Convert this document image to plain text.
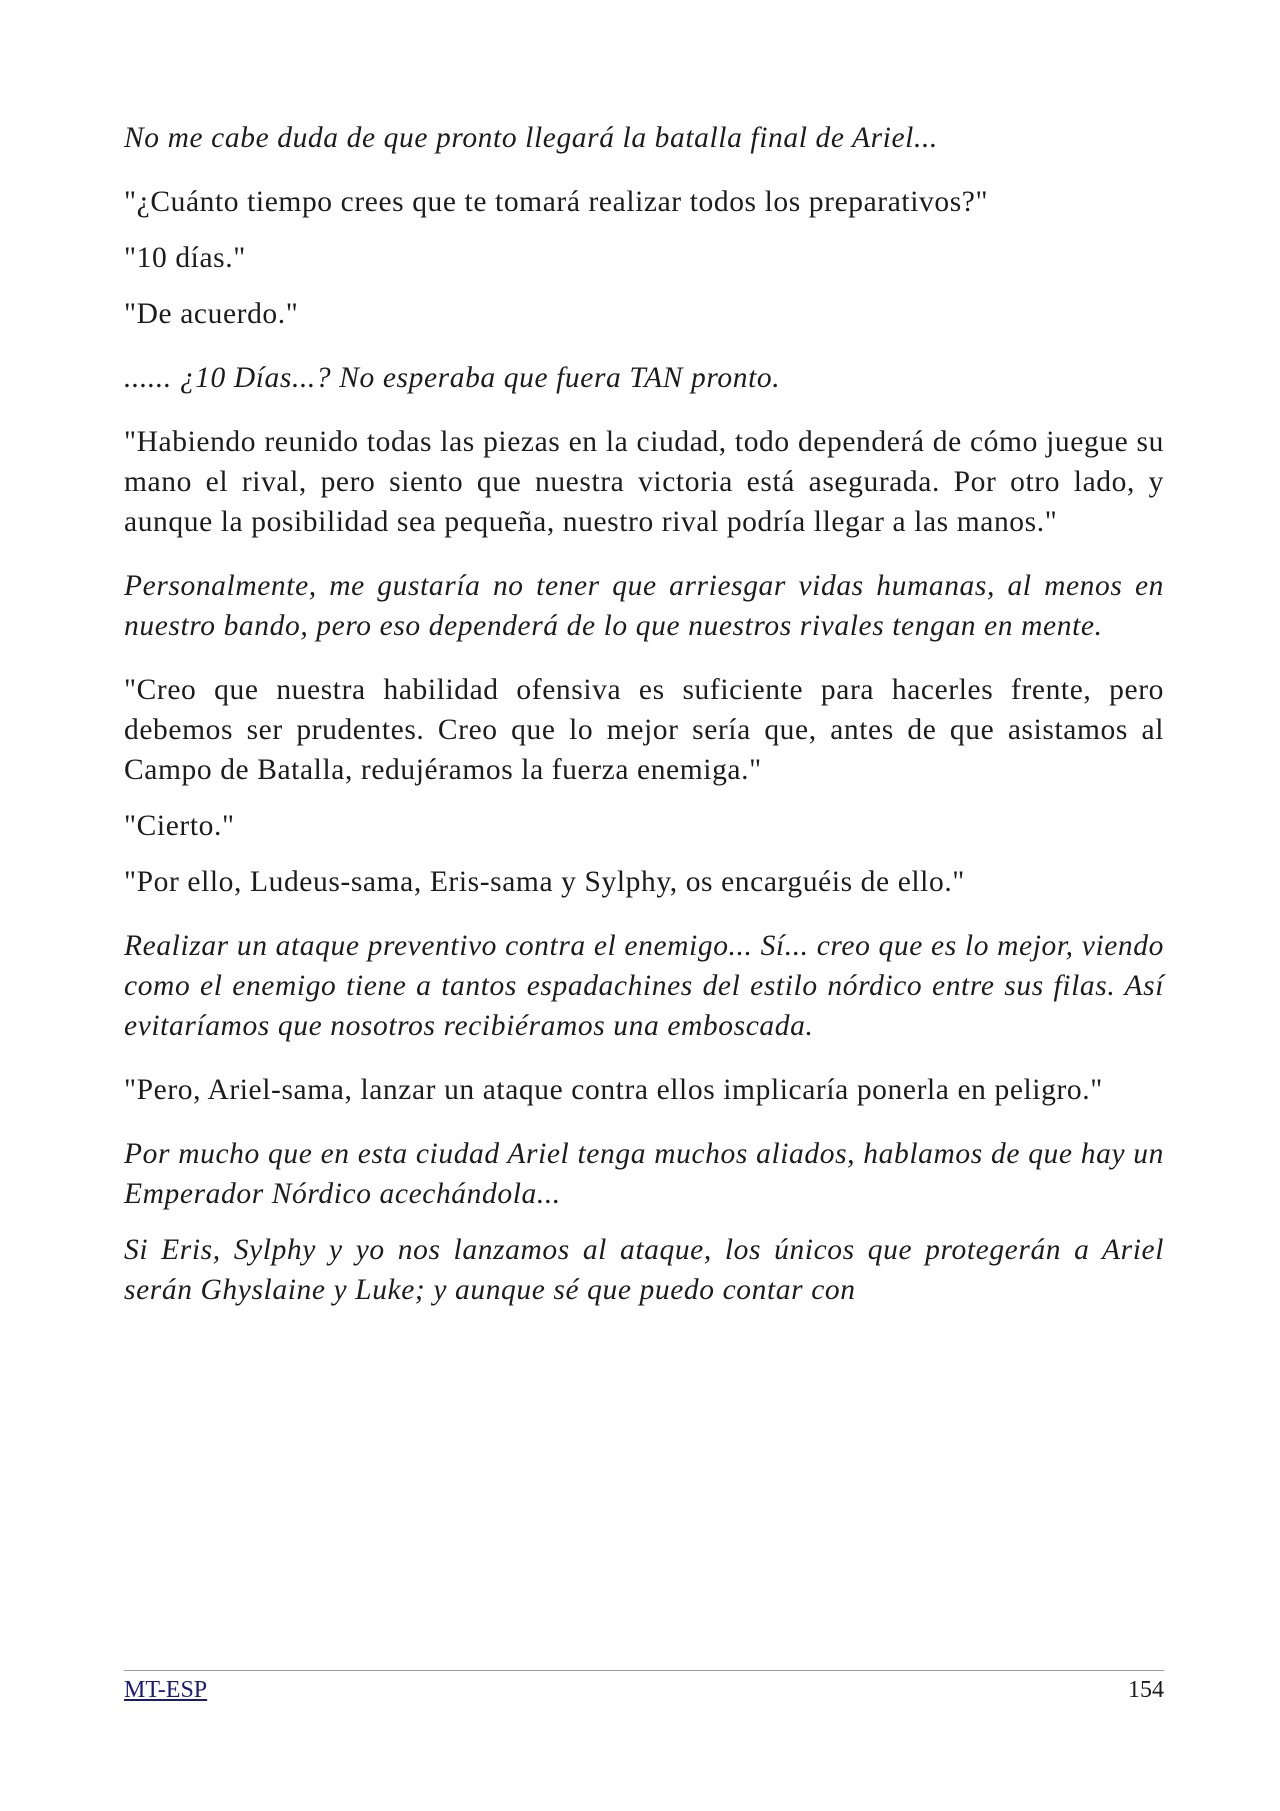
No me cabe duda de que pronto llegará la batalla final de Ariel...

"¿Cuánto tiempo crees que te tomará realizar todos los preparativos?"

"10 días."

"De acuerdo."

...... ¿10 Días...? No esperaba que fuera TAN pronto.

"Habiendo reunido todas las piezas en la ciudad, todo dependerá de cómo juegue su mano el rival, pero siento que nuestra victoria está asegurada. Por otro lado, y aunque la posibilidad sea pequeña, nuestro rival podría llegar a las manos."

Personalmente, me gustaría no tener que arriesgar vidas humanas, al menos en nuestro bando, pero eso dependerá de lo que nuestros rivales tengan en mente.

"Creo que nuestra habilidad ofensiva es suficiente para hacerles frente, pero debemos ser prudentes. Creo que lo mejor sería que, antes de que asistamos al Campo de Batalla, redujéramos la fuerza enemiga."

"Cierto."

"Por ello, Ludeus-sama, Eris-sama y Sylphy, os encarguéis de ello."

Realizar un ataque preventivo contra el enemigo... Sí... creo que es lo mejor, viendo como el enemigo tiene a tantos espadachines del estilo nórdico entre sus filas. Así evitaríamos que nosotros recibiéramos una emboscada.

"Pero, Ariel-sama, lanzar un ataque contra ellos implicaría ponerla en peligro."

Por mucho que en esta ciudad Ariel tenga muchos aliados, hablamos de que hay un Emperador Nórdico acechándola...

Si Eris, Sylphy y yo nos lanzamos al ataque, los únicos que protegerán a Ariel serán Ghyslaine y Luke; y aunque sé que puedo contar con

MT-ESP	154
